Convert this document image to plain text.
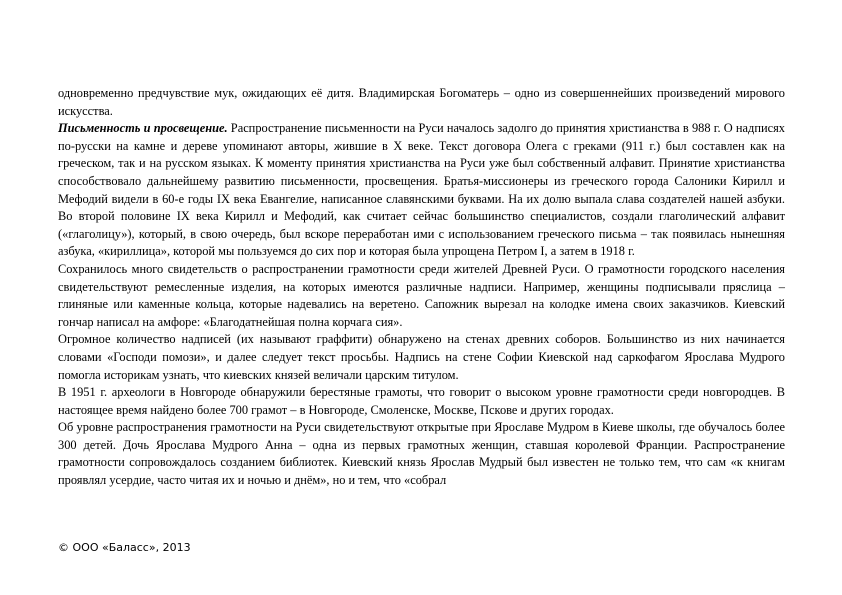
одновременно предчувствие мук, ожидающих её дитя. Владимирская Богоматерь – одно из совершеннейших произведений мирового искусства.

Письменность и просвещение. Распространение письменности на Руси началось задолго до принятия христианства в 988 г. О надписях по-русски на камне и дереве упоминают авторы, жившие в X веке. Текст договора Олега с греками (911 г.) был составлен как на греческом, так и на русском языках. К моменту принятия христианства на Руси уже был собственный алфавит. Принятие христианства способствовало дальнейшему развитию письменности, просвещения. Братья-миссионеры из греческого города Салоники Кирилл и Мефодий видели в 60-е годы IX века Евангелие, написанное славянскими буквами. На их долю выпала слава создателей нашей азбуки. Во второй половине IX века Кирилл и Мефодий, как считает сейчас большинство специалистов, создали глаголический алфавит («глаголицу»), который, в свою очередь, был вскоре переработан ими с использованием греческого письма – так появилась нынешняя азбука, «кириллица», которой мы пользуемся до сих пор и которая была упрощена Петром I, а затем в 1918 г.

Сохранилось много свидетельств о распространении грамотности среди жителей Древней Руси. О грамотности городского населения свидетельствуют ремесленные изделия, на которых имеются различные надписи. Например, женщины подписывали пряслица – глиняные или каменные кольца, которые надевались на веретено. Сапожник вырезал на колодке имена своих заказчиков. Киевский гончар написал на амфоре: «Благодатнейшая полна корчага сия».

Огромное количество надписей (их называют граффити) обнаружено на стенах древних соборов. Большинство из них начинается словами «Господи помози», и далее следует текст просьбы. Надпись на стене Софии Киевской над саркофагом Ярослава Мудрого помогла историкам узнать, что киевских князей величали царским титулом.

В 1951 г. археологи в Новгороде обнаружили берестяные грамоты, что говорит о высоком уровне грамотности среди новгородцев. В настоящее время найдено более 700 грамот – в Новгороде, Смоленске, Москве, Пскове и других городах.

Об уровне распространения грамотности на Руси свидетельствуют открытые при Ярославе Мудром в Киеве школы, где обучалось более 300 детей. Дочь Ярослава Мудрого Анна – одна из первых грамотных женщин, ставшая королевой Франции. Распространение грамотности сопровождалось созданием библиотек. Киевский князь Ярослав Мудрый был известен не только тем, что сам «к книгам проявлял усердие, часто читая их и ночью и днём», но и тем, что «собрал

© ООО «Баласс», 2013
